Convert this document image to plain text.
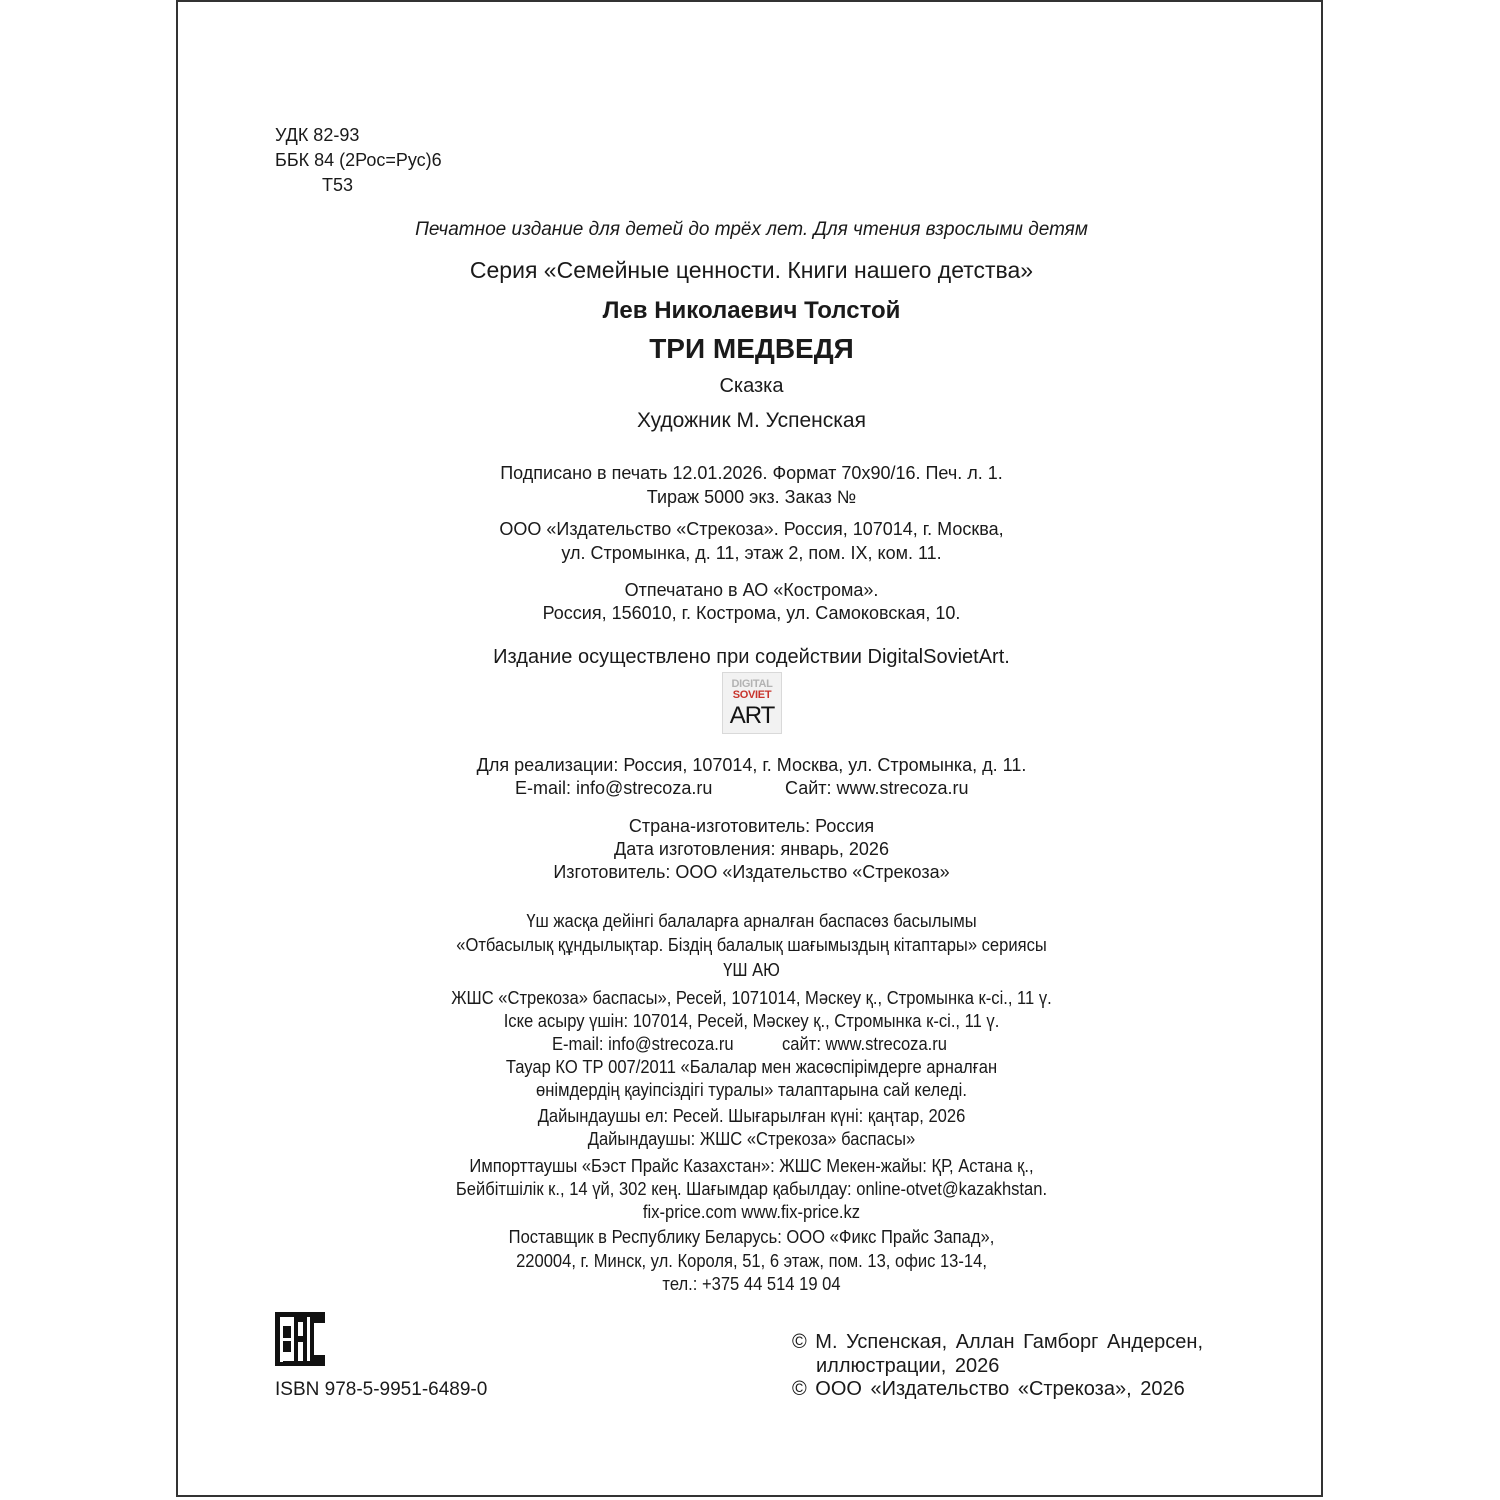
УДК 82-93
ББК 84 (2Рос=Рус)6
Т53
Печатное издание для детей до трёх лет. Для чтения взрослыми детям
Серия «Семейные ценности. Книги нашего детства»
Лев Николаевич Толстой
ТРИ МЕДВЕДЯ
Сказка
Художник М. Успенская
Подписано в печать 12.01.2026. Формат 70х90/16. Печ. л. 1.
Тираж 5000 экз. Заказ №
ООО «Издательство «Стрекоза». Россия, 107014, г. Москва,
ул. Стромынка, д. 11, этаж 2, пом. IX, ком. 11.
Отпечатано в АО «Кострома».
Россия, 156010, г. Кострома, ул. Самоковская, 10.
Издание осуществлено при содействии DigitalSovietArt.
DIGITAL
SOVIET
ART
Для реализации: Россия, 107014, г. Москва, ул. Стромынка, д. 11.
E-mail: info@strecoza.ru	Сайт: www.strecoza.ru
Страна-изготовитель: Россия
Дата изготовления: январь, 2026
Изготовитель: ООО «Издательство «Стрекоза»
Үш жасқа дейінгі балаларға арналған баспасөз басылымы
«Отбасылық құндылықтар. Біздің балалық шағымыздың кітаптары» сериясы
ҮШ АЮ
ЖШС «Стрекоза» баспасы», Ресей, 1071014, Мәскеу қ., Стромынка к-сі., 11 ү.
Іске асыру үшін: 107014, Ресей, Мәскеу қ., Стромынка к-сі., 11 ү.
E-mail: info@strecoza.ru	сайт: www.strecoza.ru
Тауар КО ТР 007/2011 «Балалар мен жасөспірімдерге арналған
өнімдердің қауіпсіздігі туралы» талаптарына сай келеді.
Дайындаушы ел: Ресей. Шығарылған күні: қаңтар, 2026
Дайындаушы: ЖШС «Стрекоза» баспасы»
Импорттаушы «Бэст Прайс Казахстан»: ЖШС Мекен-жайы: ҚР, Астана қ.,
Бейбітшілік к., 14 үй, 302 кең. Шағымдар қабылдау: online-otvet@kazakhstan.
fix-price.com www.fix-price.kz
Поставщик в Республику Беларусь: ООО «Фикс Прайс Запад»,
220004, г. Минск, ул. Короля, 51, 6 этаж, пом. 13, офис 13-14,
тел.: +375 44 514 19 04
ISBN 978-5-9951-6489-0
© М. Успенская, Аллан Гамборг Андерсен,
иллюстрации, 2026
© ООО «Издательство «Стрекоза», 2026
